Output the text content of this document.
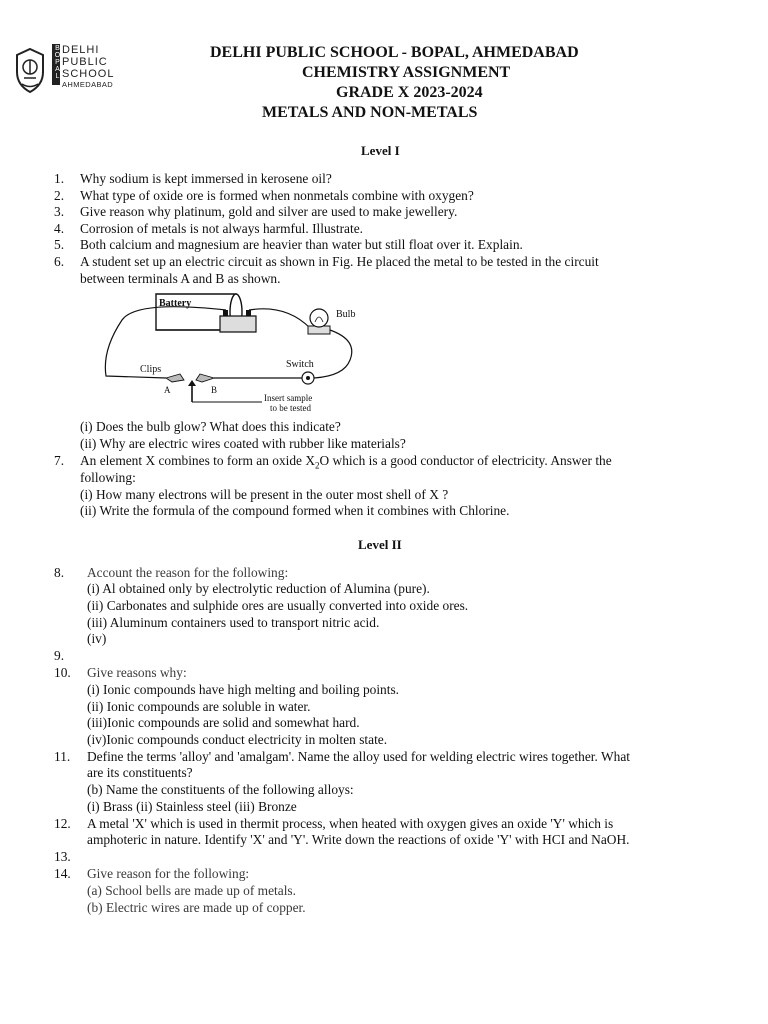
BOPAL DELHI
PUBLIC
SCHOOL
AHMEDABAD
DELHI PUBLIC SCHOOL - BOPAL, AHMEDABAD
CHEMISTRY ASSIGNMENT
GRADE X 2023-2024
METALS AND NON-METALS
Level I
1. Why sodium is kept immersed in kerosene oil?
2. What type of oxide ore is formed when nonmetals combine with oxygen?
3. Give reason why platinum, gold and silver are used to make jewellery.
4. Corrosion of metals is not always harmful. Illustrate.
5. Both calcium and magnesium are heavier than water but still float over it. Explain.
6. A student set up an electric circuit as shown in Fig. He placed the metal to be tested in the circuit
between terminals A and B as shown.
Battery
Bulb
Switch
Clips
A	B
Insert sample
to be tested
(i) Does the bulb glow? What does this indicate?
(ii) Why are electric wires coated with rubber like materials?
7. An element X combines to form an oxide $X_2O$ which is a good conductor of electricity. Answer the
following:
(i) How many electrons will be present in the outer most shell of X ?
(ii) Write the formula of the compound formed when it combines with Chlorine.
Level II
8. Account the reason for the following:
(i) Al obtained only by electrolytic reduction of Alumina (pure).
(ii) Carbonates and sulphide ores are usually converted into oxide ores.
(iii) Aluminum containers used to transport nitric acid.
(iv)
9.
10. Give reasons why:
(i) Ionic compounds have high melting and boiling points.
(ii) Ionic compounds are soluble in water.
(iii)Ionic compounds are solid and somewhat hard.
(iv)Ionic compounds conduct electricity in molten state.
11. Define the terms 'alloy' and 'amalgam'. Name the alloy used for welding electric wires together. What
are its constituents?
(b) Name the constituents of the following alloys:
(i) Brass (ii) Stainless steel (iii) Bronze
12. A metal 'X' which is used in thermit process, when heated with oxygen gives an oxide 'Y' which is
amphoteric in nature. Identify 'X' and 'Y'. Write down the reactions of oxide 'Y' with HCI and NaOH.
13.
14. Give reason for the following:
(a) School bells are made up of metals.
(b) Electric wires are made up of copper.
